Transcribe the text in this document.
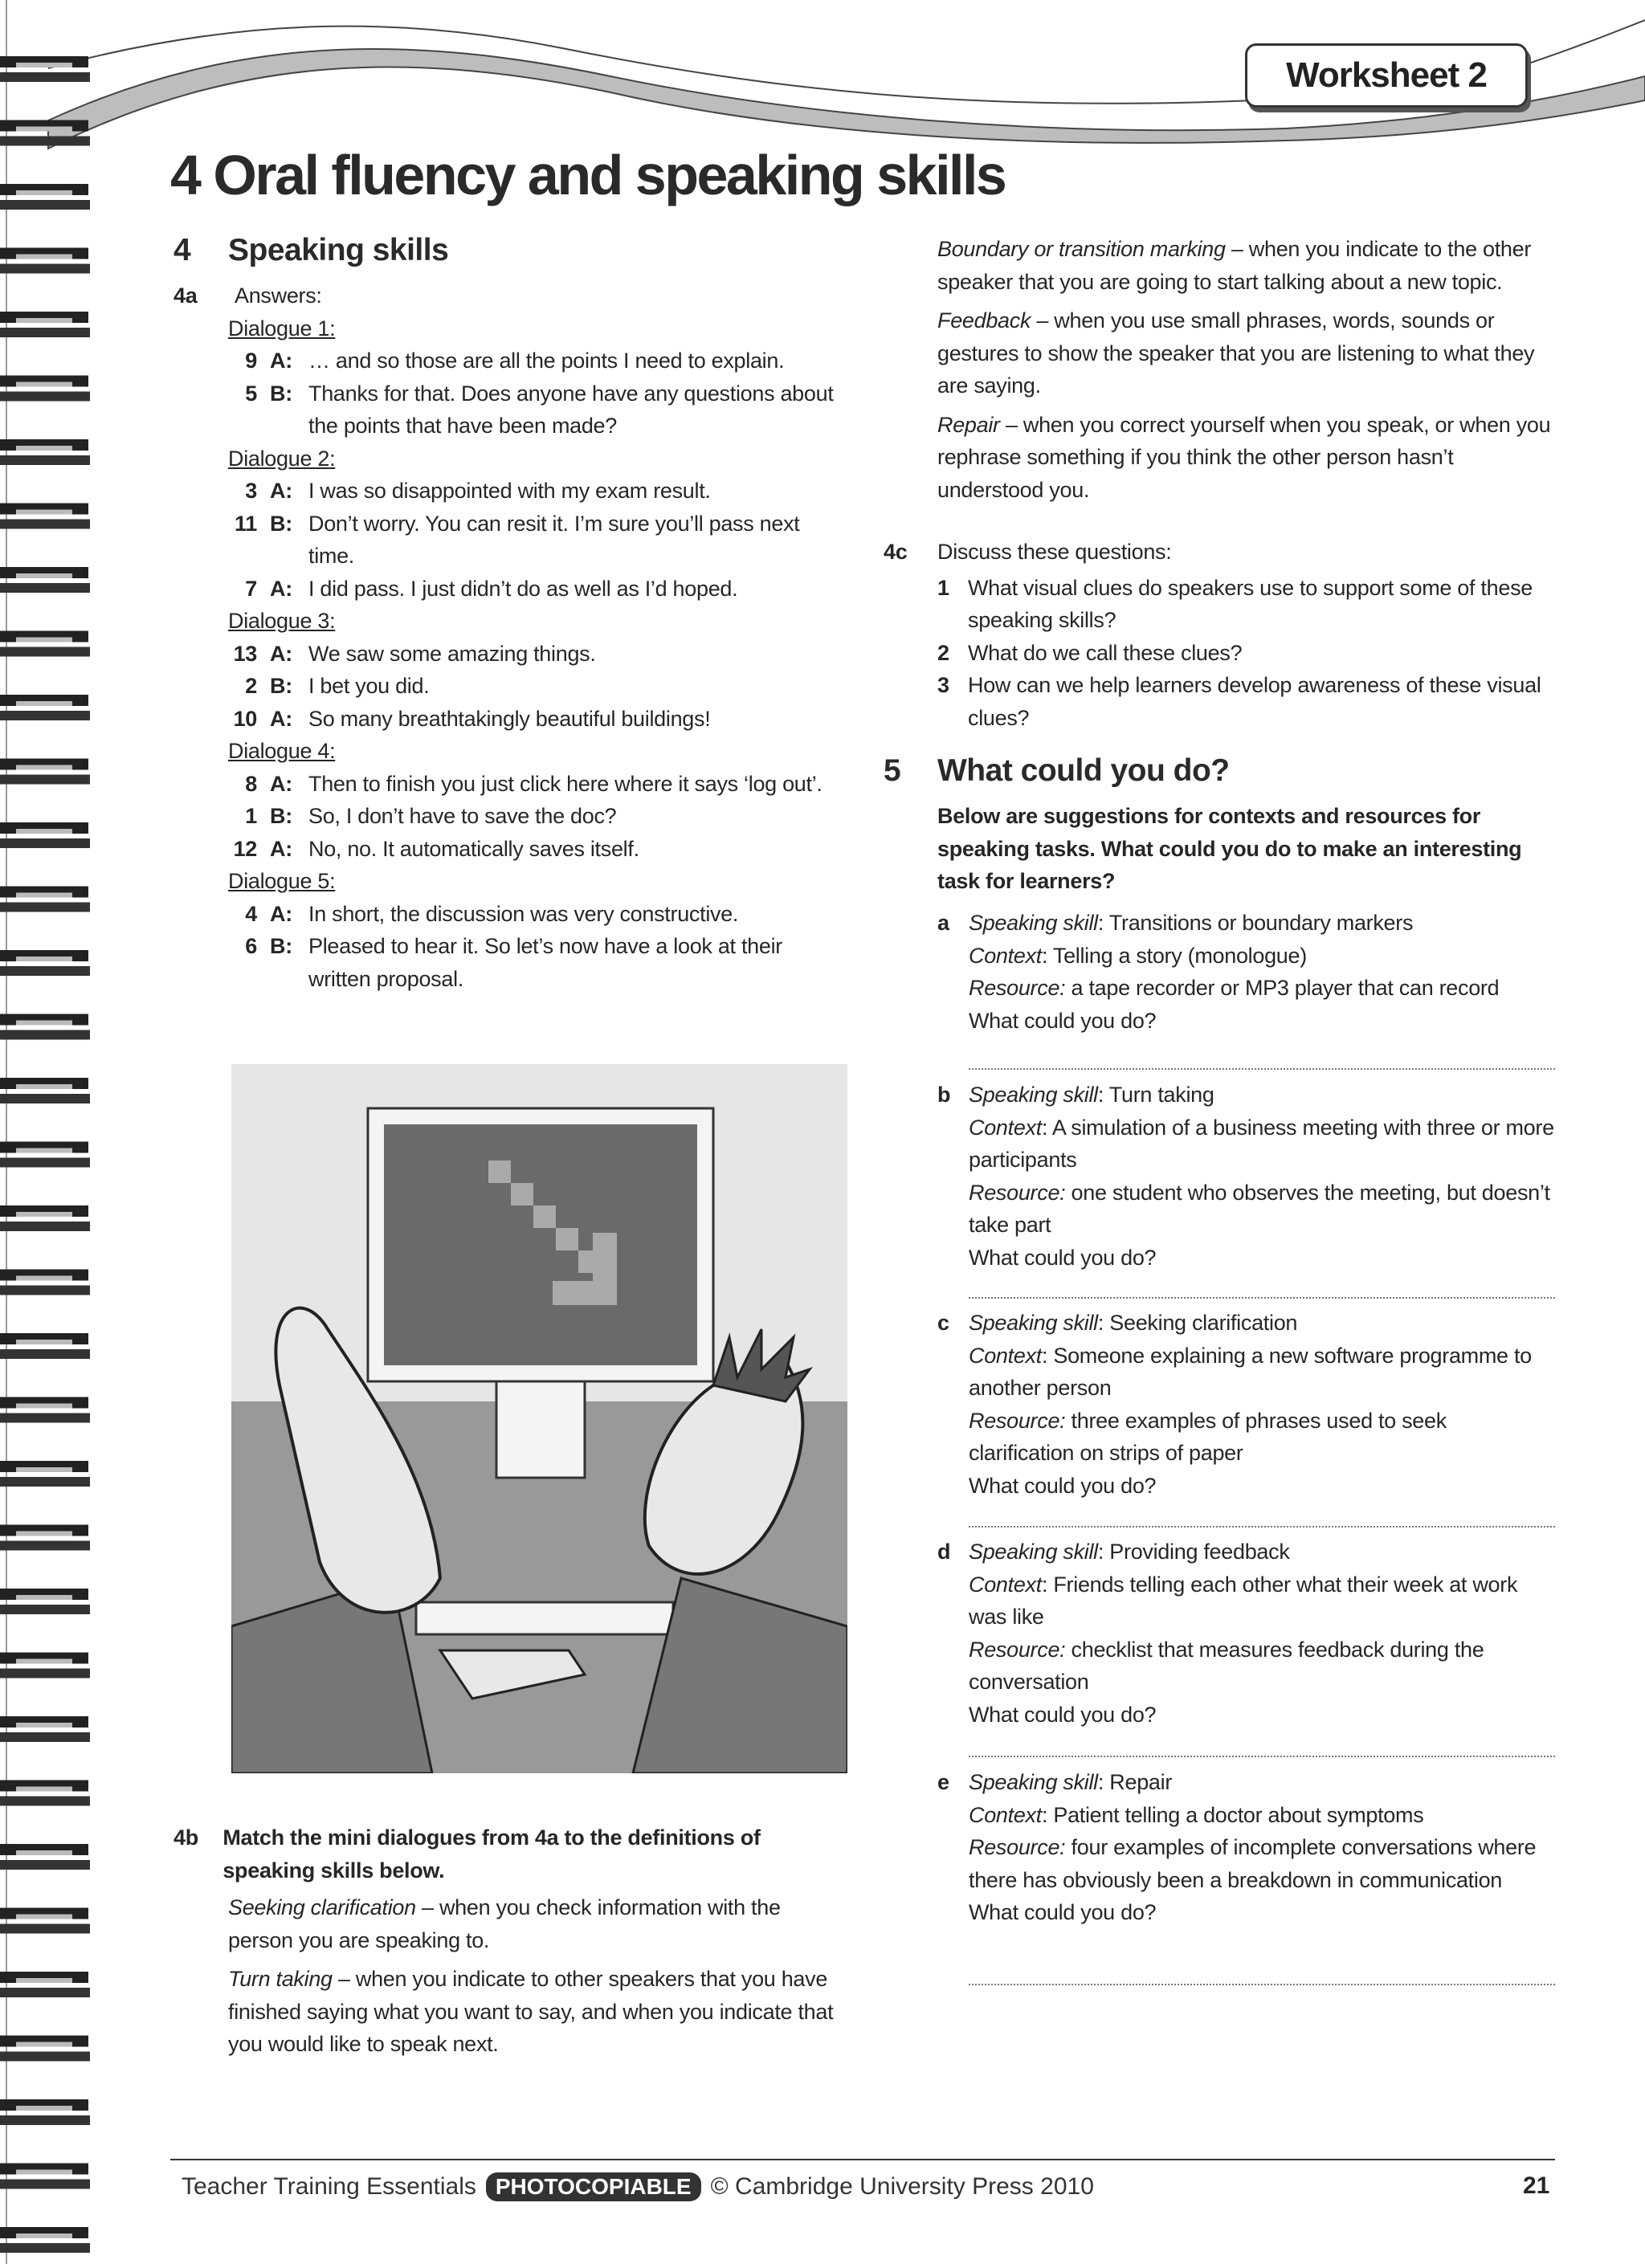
Worksheet 2
4 Oral fluency and speaking skills
4	Speaking skills
4a	Answers:
Dialogue 1:
9 A: … and so those are all the points I need to explain.
5 B: Thanks for that. Does anyone have any questions about the points that have been made?
Dialogue 2:
3 A: I was so disappointed with my exam result.
11 B: Don’t worry. You can resit it. I’m sure you’ll pass next time.
7 A: I did pass. I just didn’t do as well as I’d hoped.
Dialogue 3:
13 A: We saw some amazing things.
2 B: I bet you did.
10 A: So many breathtakingly beautiful buildings!
Dialogue 4:
8 A: Then to finish you just click here where it says ‘log out’.
1 B: So, I don’t have to save the doc?
12 A: No, no. It automatically saves itself.
Dialogue 5:
4 A: In short, the discussion was very constructive.
6 B: Pleased to hear it. So let’s now have a look at their written proposal.
4b	Match the mini dialogues from 4a to the definitions of speaking skills below.
Seeking clarification – when you check information with the person you are speaking to.
Turn taking – when you indicate to other speakers that you have finished saying what you want to say, and when you indicate that you would like to speak next.
Boundary or transition marking – when you indicate to the other speaker that you are going to start talking about a new topic.
Feedback – when you use small phrases, words, sounds or gestures to show the speaker that you are listening to what they are saying.
Repair – when you correct yourself when you speak, or when you rephrase something if you think the other person hasn’t understood you.
4c	Discuss these questions:
1 What visual clues do speakers use to support some of these speaking skills?
2 What do we call these clues?
3 How can we help learners develop awareness of these visual clues?
5	What could you do?
Below are suggestions for contexts and resources for speaking tasks. What could you do to make an interesting task for learners?
a Speaking skill: Transitions or boundary markers
Context: Telling a story (monologue)
Resource: a tape recorder or MP3 player that can record
What could you do?
b Speaking skill: Turn taking
Context: A simulation of a business meeting with three or more participants
Resource: one student who observes the meeting, but doesn’t take part
What could you do?
c Speaking skill: Seeking clarification
Context: Someone explaining a new software programme to another person
Resource: three examples of phrases used to seek clarification on strips of paper
What could you do?
d Speaking skill: Providing feedback
Context: Friends telling each other what their week at work was like
Resource: checklist that measures feedback during the conversation
What could you do?
e Speaking skill: Repair
Context: Patient telling a doctor about symptoms
Resource: four examples of incomplete conversations where there has obviously been a breakdown in communication
What could you do?
Teacher Training Essentials PHOTOCOPIABLE © Cambridge University Press 2010	21
